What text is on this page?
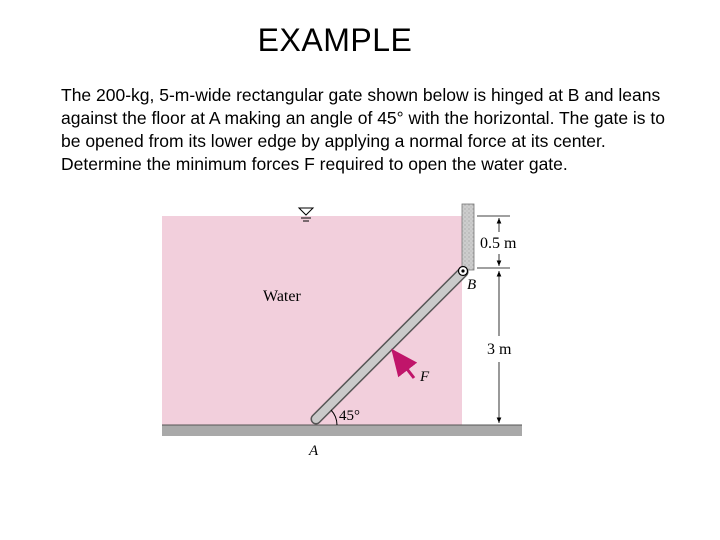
EXAMPLE

The 200-kg, 5-m-wide rectangular gate shown below is hinged at B and leans against the floor at A making an angle of 45° with the horizontal. The gate is to be opened from its lower edge by applying a normal force at its center. Determine the minimum forces F required to open the water gate.

Water
0.5 m
3 m
B
A
F
45°
